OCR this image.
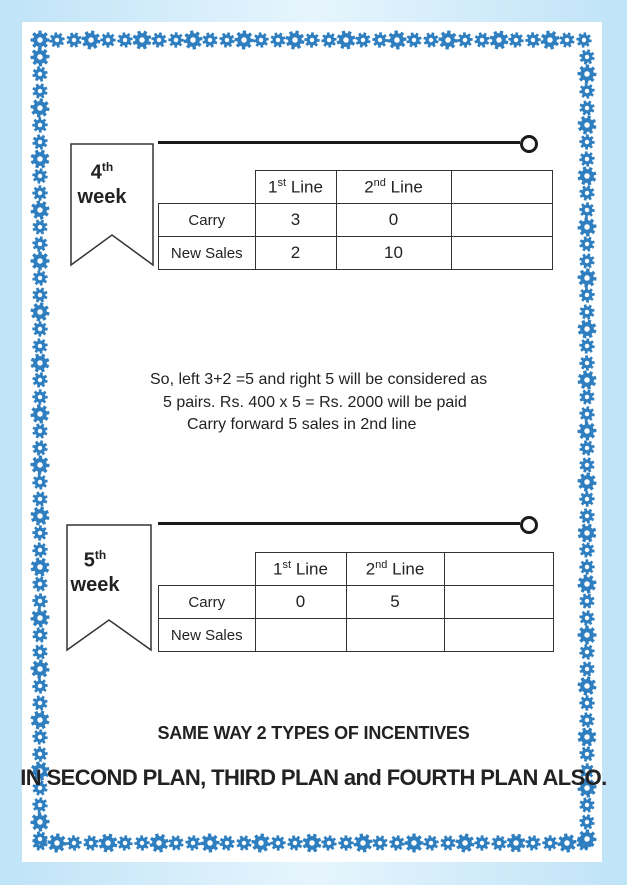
4th
week
		1st Line	2nd Line	
Carry	3	0	
New Sales	2	10	
So, left 3+2 =5 and right 5 will be considered as
5 pairs. Rs. 400 x 5 = Rs. 2000 will be paid
Carry forward 5 sales in 2nd line
5th
week
	1st Line	2nd Line	
Carry	0	5	
New Sales			
SAME WAY 2 TYPES OF INCENTIVES
IN SECOND PLAN, THIRD PLAN and FOURTH PLAN ALSO.
